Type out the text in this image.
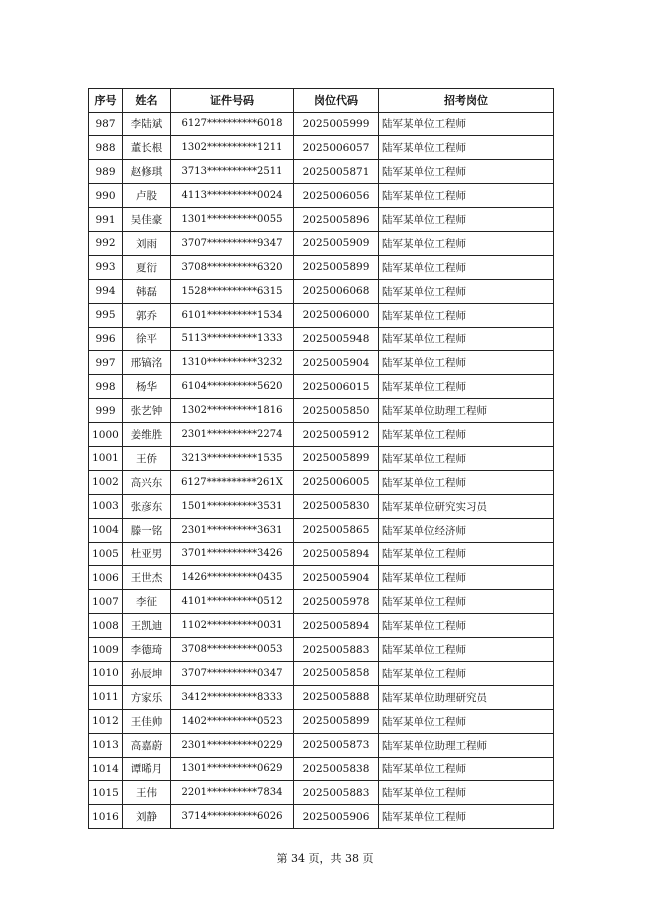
序号	姓名	证件号码	岗位代码	招考岗位
987	李陆斌	6127**********6018	2025005999	陆军某单位工程师
988	董长根	1302**********1211	2025006057	陆军某单位工程师
989	赵修琪	3713**********2511	2025005871	陆军某单位工程师
990	卢股	4113**********0024	2025006056	陆军某单位工程师
991	吴佳豪	1301**********0055	2025005896	陆军某单位工程师
992	刘雨	3707**********9347	2025005909	陆军某单位工程师
993	夏衍	3708**********6320	2025005899	陆军某单位工程师
994	韩磊	1528**********6315	2025006068	陆军某单位工程师
995	郭乔	6101**********1534	2025006000	陆军某单位工程师
996	徐平	5113**********1333	2025005948	陆军某单位工程师
997	邢镐洺	1310**********3232	2025005904	陆军某单位工程师
998	杨华	6104**********5620	2025006015	陆军某单位工程师
999	张艺钟	1302**********1816	2025005850	陆军某单位助理工程师
1000	姜维胜	2301**********2274	2025005912	陆军某单位工程师
1001	王侨	3213**********1535	2025005899	陆军某单位工程师
1002	高兴东	6127**********261X	2025006005	陆军某单位工程师
1003	张彦东	1501**********3531	2025005830	陆军某单位研究实习员
1004	滕一铭	2301**********3631	2025005865	陆军某单位经济师
1005	杜亚男	3701**********3426	2025005894	陆军某单位工程师
1006	王世杰	1426**********0435	2025005904	陆军某单位工程师
1007	李征	4101**********0512	2025005978	陆军某单位工程师
1008	王凯迪	1102**********0031	2025005894	陆军某单位工程师
1009	李德琦	3708**********0053	2025005883	陆军某单位工程师
1010	孙辰坤	3707**********0347	2025005858	陆军某单位工程师
1011	方家乐	3412**********8333	2025005888	陆军某单位助理研究员
1012	王佳帅	1402**********0523	2025005899	陆军某单位工程师
1013	高嘉蔚	2301**********0229	2025005873	陆军某单位助理工程师
1014	谭晞月	1301**********0629	2025005838	陆军某单位工程师
1015	王伟	2201**********7834	2025005883	陆军某单位工程师
1016	刘静	3714**********6026	2025005906	陆军某单位工程师
第 34 页，共 38 页
